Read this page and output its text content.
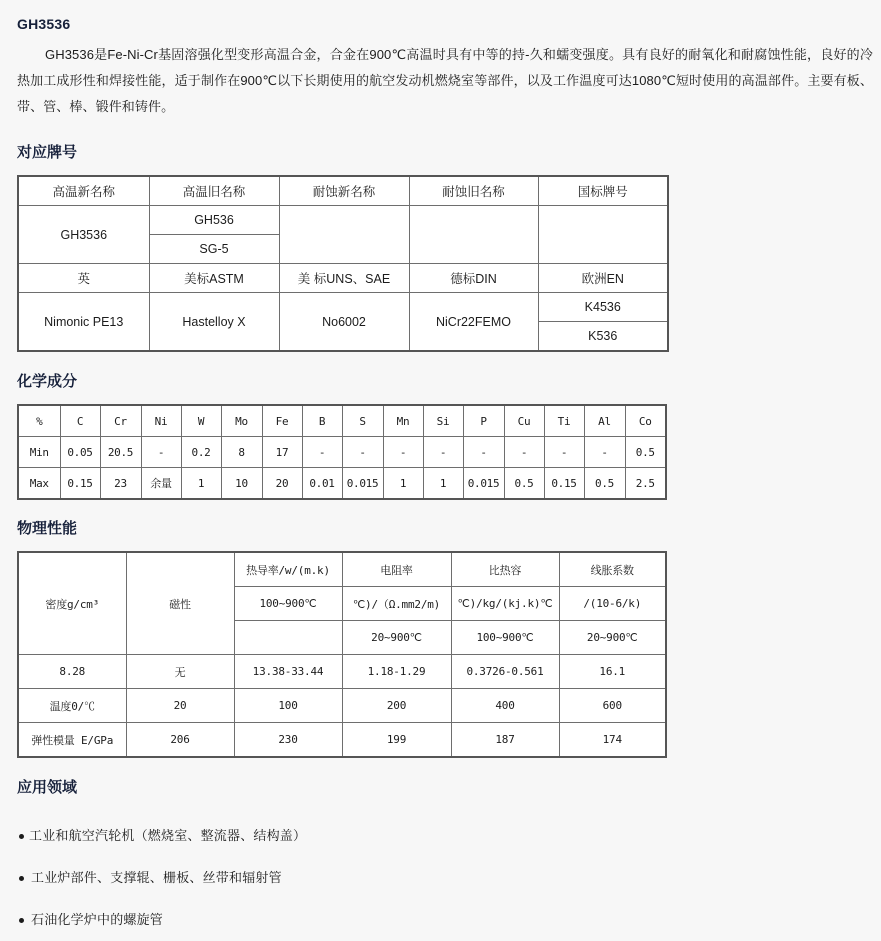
GH3536

GH3536是Fe-Ni-Cr基固溶强化型变形高温合金，合金在900℃高温时具有中等的持-久和蠕变强度。具有良好的耐氧化和耐腐蚀性能，良好的冷热加工成形性和焊接性能，适于制作在900℃以下长期使用的航空发动机燃烧室等部件，以及工作温度可达1080℃短时使用的高温部件。主要有板、带、管、棒、锻件和铸件。

对应牌号
高温新名称	高温旧名称	耐蚀新名称	耐蚀旧名称	国标牌号
GH3536	GH536			
	SG-5			
英	美标ASTM	美 标UNS、SAE	德标DIN	欧洲EN
Nimonic PE13	Hastelloy X	No6002	NiCr22FEMO	K4536
				K536
化学成分
%	C	Cr	Ni	W	Mo	Fe	B	S	Mn	Si	P	Cu	Ti	Al	Co
Min	0.05	20.5	-	0.2	8	17	-	-	-	-	-	-	-	-	0.5
Max	0.15	23	余量	1	10	20	0.01	0.015	1	1	0.015	0.5	0.15	0.5	2.5
物理性能
密度g/cm³	磁性	热导率/w/(m.k)	电阻率	比热容	线胀系数
		100~900℃	℃)/（Ω.mm2/m)	℃)/kg/(kj.k)℃	/(10-6/k)
			20~900℃	100~900℃	20~900℃
8.28	无	13.38-33.44	1.18-1.29	0.3726-0.561	16.1
温度0/℃	20	100	200	400	600
弹性模量 E/GPa	206	230	199	187	174
应用领域
工业和航空汽轮机（燃烧室、整流器、结构盖）
工业炉部件、支撑辊、栅板、丝带和辐射管
石油化学炉中的螺旋管
